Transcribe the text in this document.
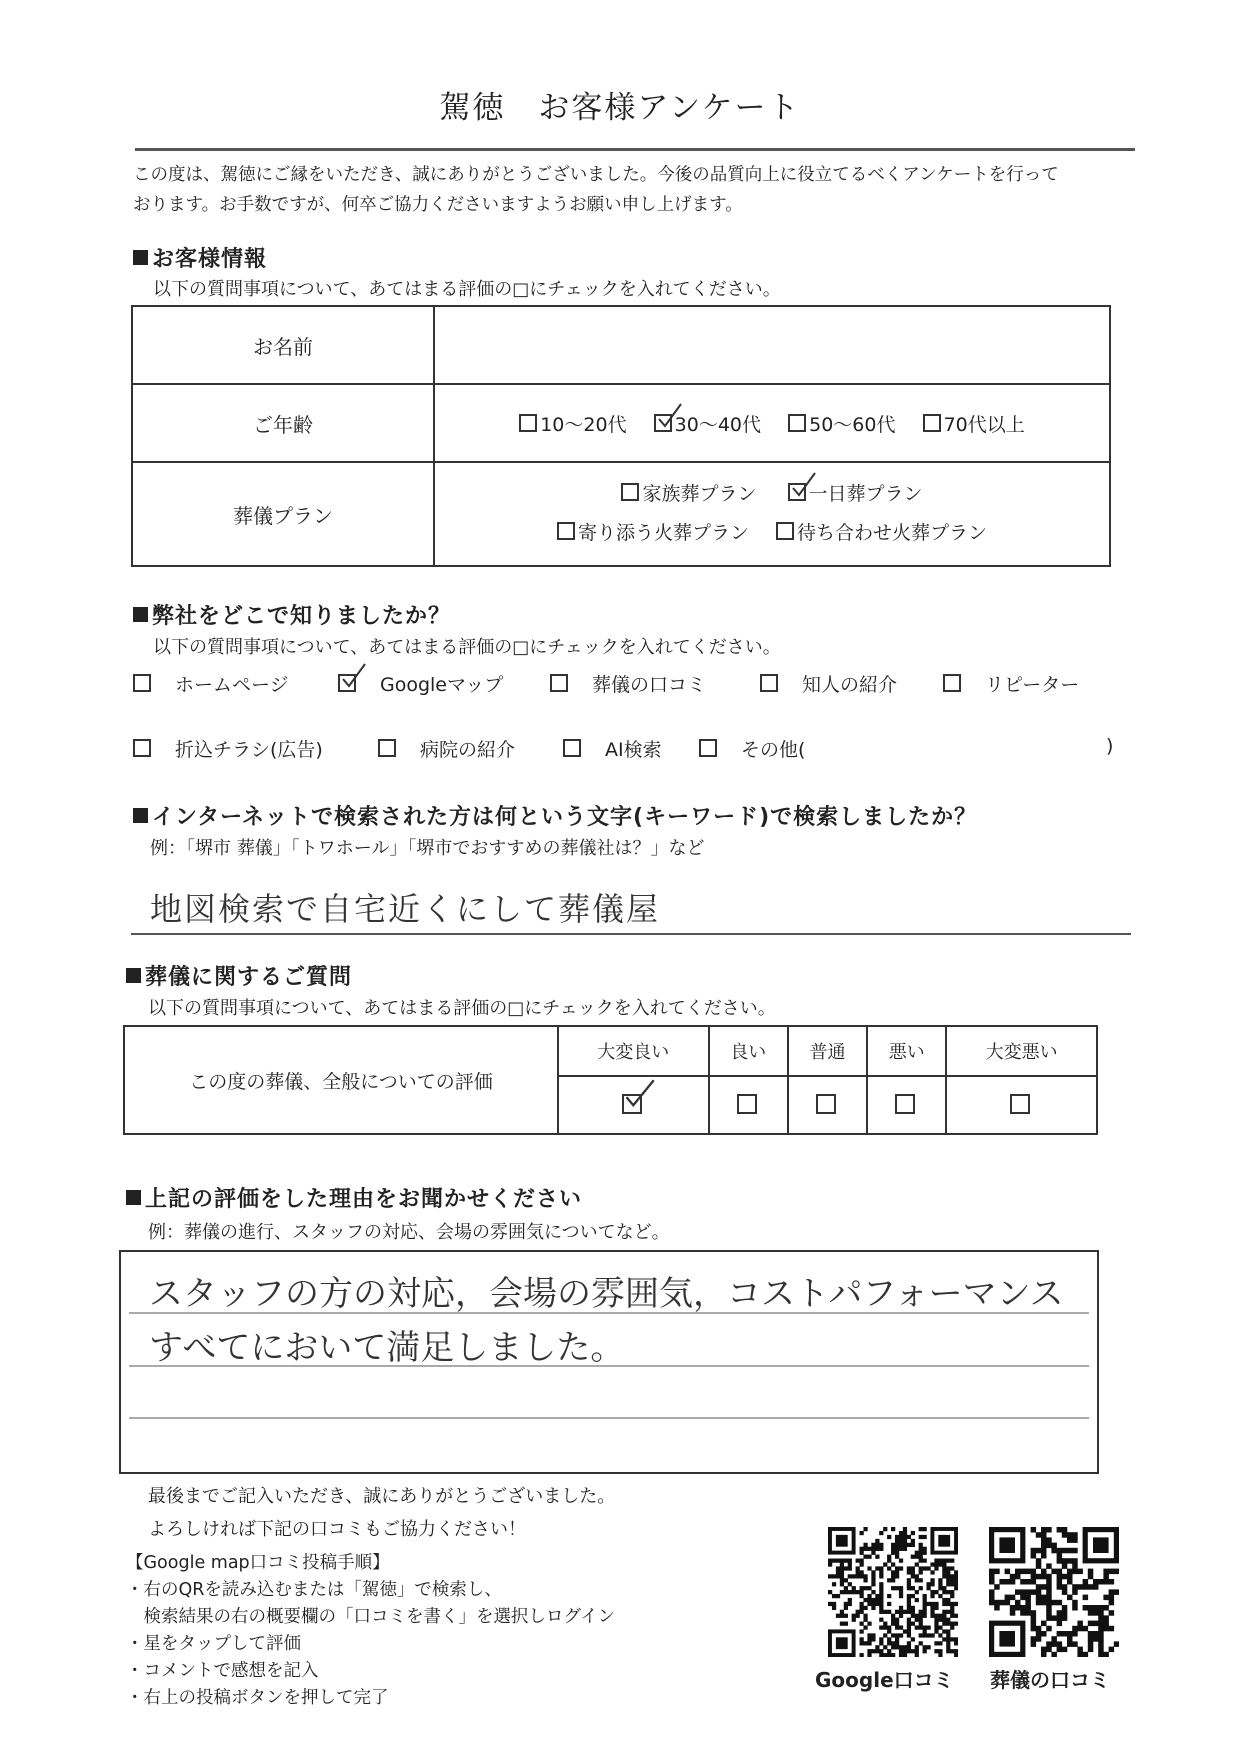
駕徳　お客様アンケート
この度は、駕徳にご縁をいただき、誠にありがとうございました。今後の品質向上に役立てるべくアンケートを行って
おります。お手数ですが、何卒ご協力くださいますようお願い申し上げます。
お客様情報
以下の質問事項について、あてはまる評価の□にチェックを入れてください。
お名前	
ご年齢	10〜20代 30〜40代 50〜60代 70代以上
葬儀プラン	家族葬プラン 一日葬プラン
寄り添う火葬プラン 待ち合わせ火葬プラン
弊社をどこで知りましたか？
以下の質問事項について、あてはまる評価の□にチェックを入れてください。
ホームページ	Googleマップ	葬儀の口コミ	知人の紹介	リピーター
折込チラシ(広告)	病院の紹介	AI検索	その他(	)
インターネットで検索された方は何という文字(キーワード)で検索しましたか？
例：「堺市 葬儀」「トワホール」「堺市でおすすめの葬儀社は？」など
地図検索で自宅近くにして葬儀屋
葬儀に関するご質問
以下の質問事項について、あてはまる評価の□にチェックを入れてください。
この度の葬儀、全般についての評価	大変良い	良い	普通	悪い	大変悪い

上記の評価をした理由をお聞かせください
例：葬儀の進行、スタッフの対応、会場の雰囲気についてなど。
スタッフの方の対応，会場の雰囲気，コストパフォーマンス
すべてにおいて満足しました。
最後までご記入いただき、誠にありがとうございました。
よろしければ下記の口コミもご協力ください！
【Google map口コミ投稿手順】
・右のQRを読み込むまたは「駕徳」で検索し、
　検索結果の右の概要欄の「口コミを書く」を選択しログイン
・星をタップして評価
・コメントで感想を記入
・右上の投稿ボタンを押して完了
Google口コミ 葬儀の口コミ
